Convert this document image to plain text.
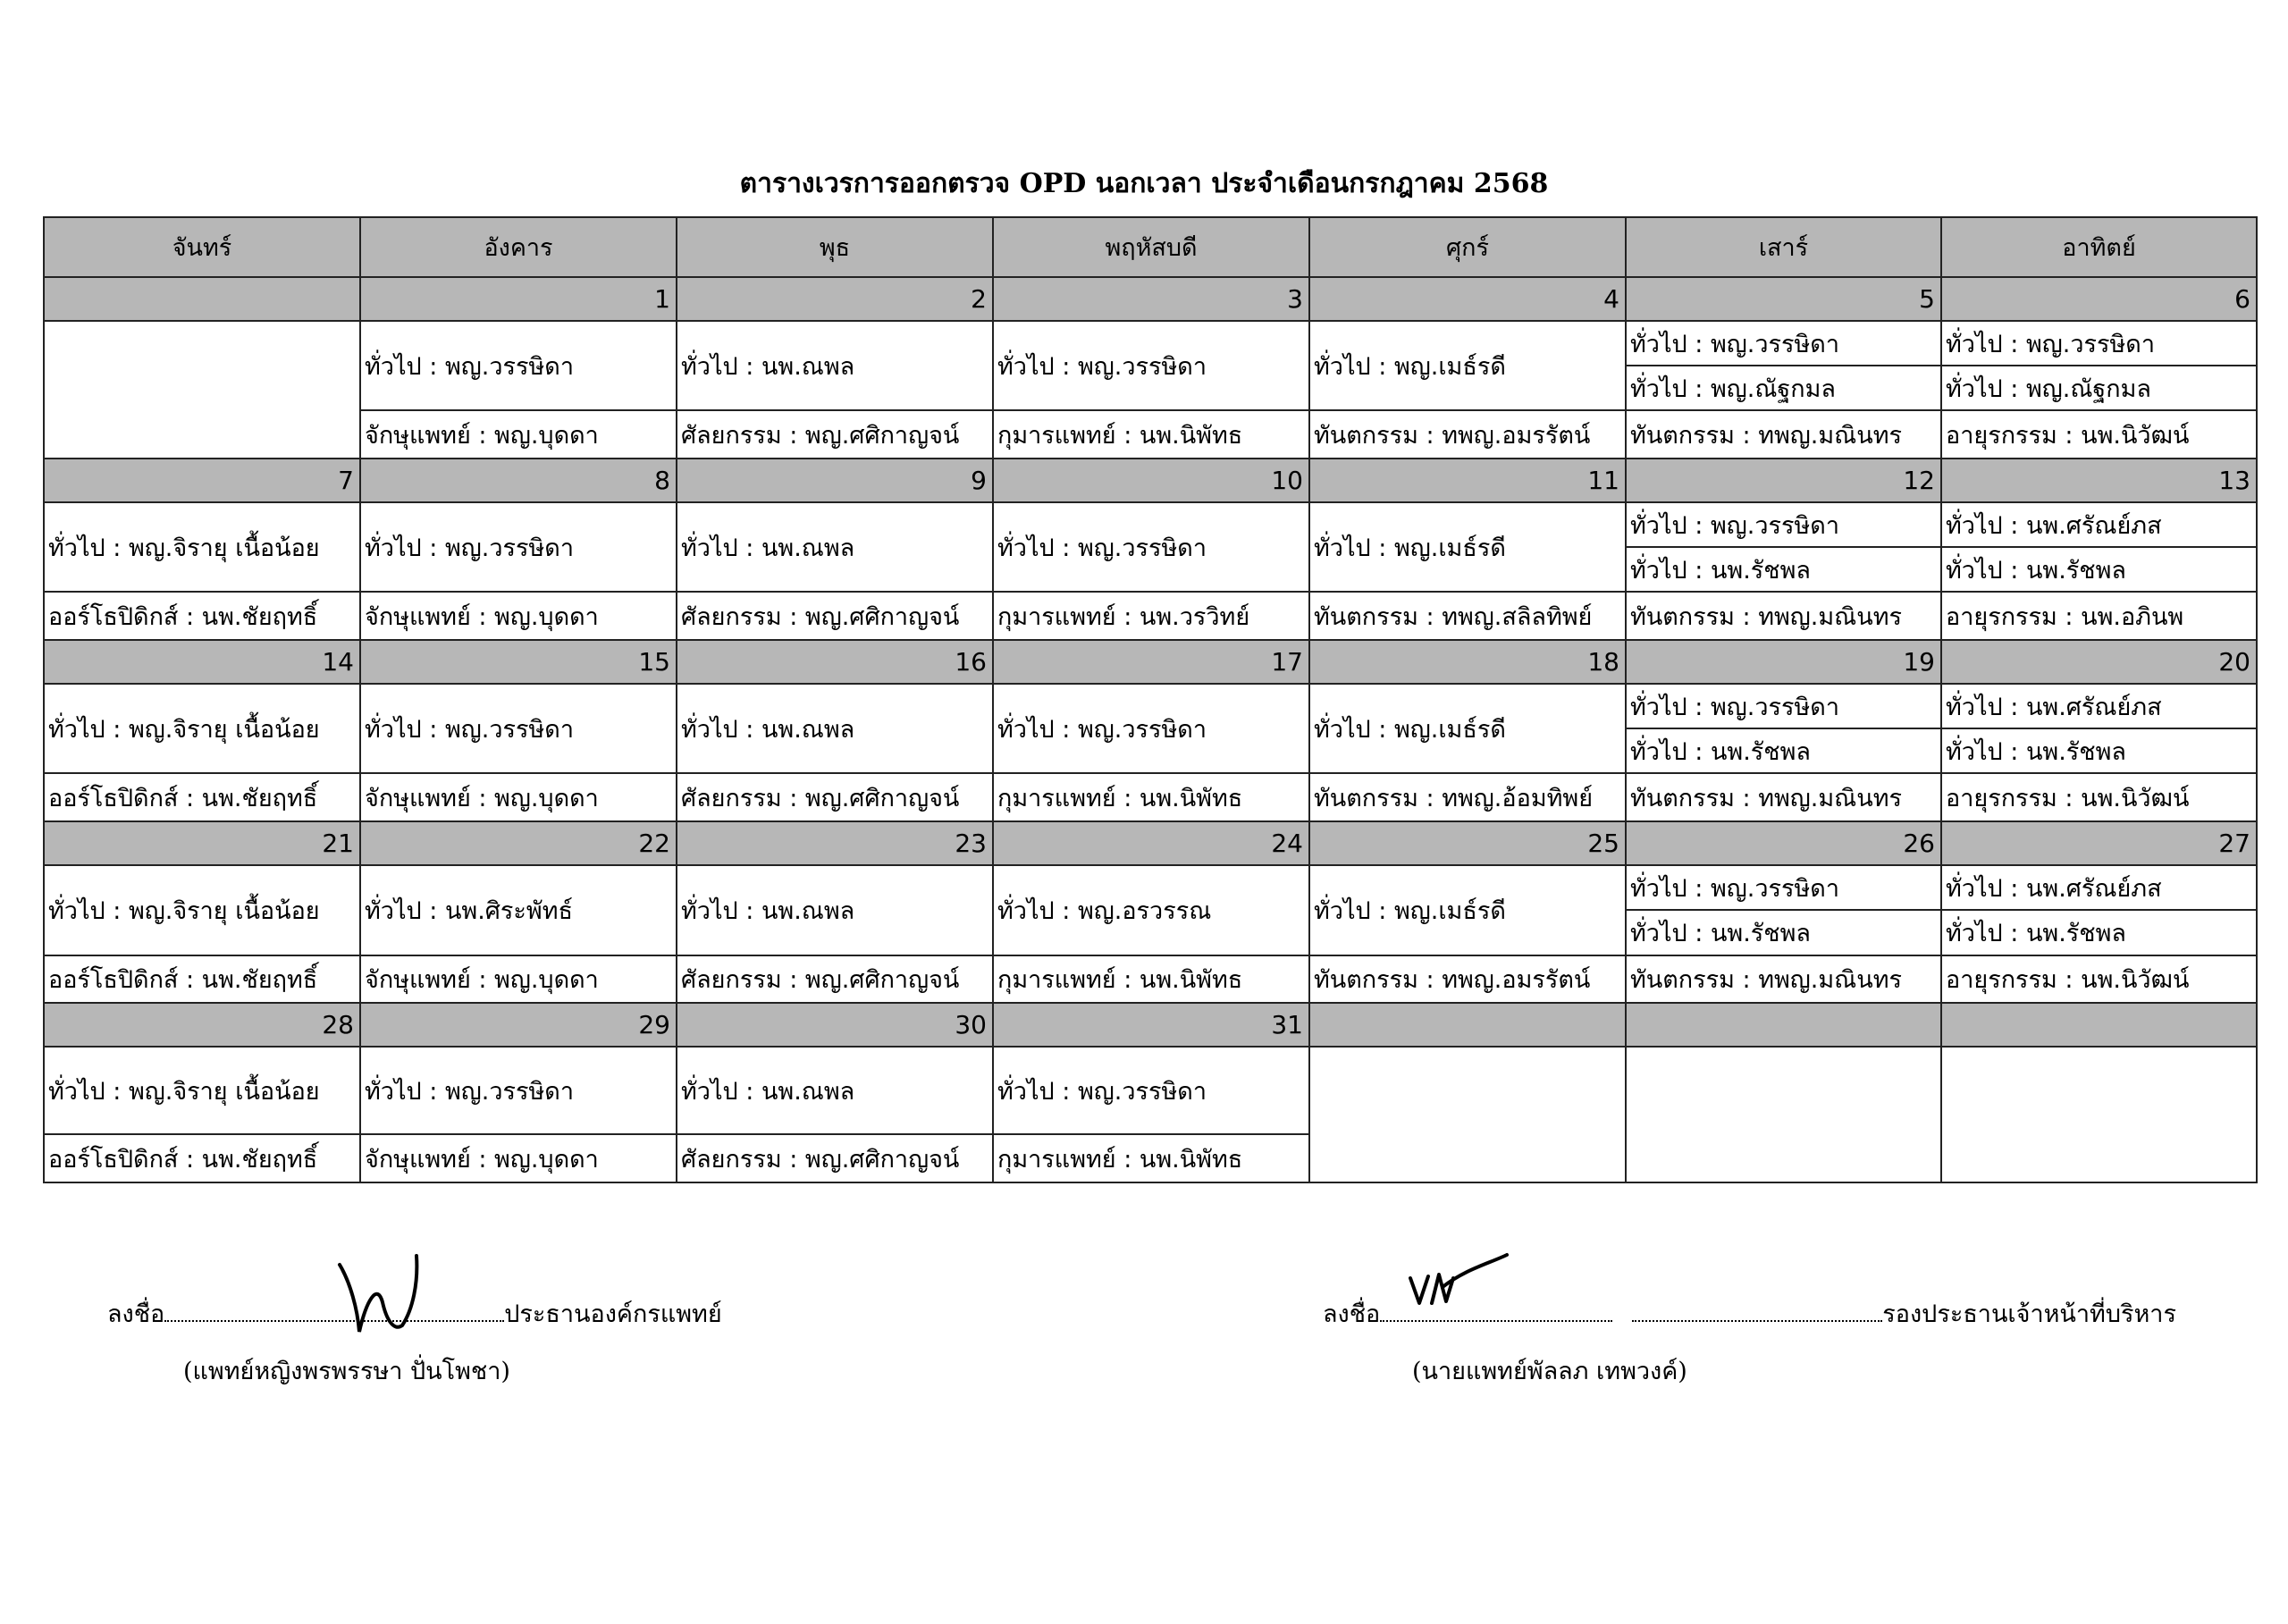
ตารางเวรการออกตรวจ OPD นอกเวลา ประจำเดือนกรกฎาคม 2568
จันทร์	อังคาร	พุธ	พฤหัสบดี	ศุกร์	เสาร์	อาทิตย์
	1	2	3	4	5	6
	ทั่วไป : พญ.วรรษิดา	ทั่วไป : นพ.ณพล	ทั่วไป : พญ.วรรษิดา	ทั่วไป : พญ.เมธ์รดี	ทั่วไป : พญ.วรรษิดา	ทั่วไป : พญ.วรรษิดา
					ทั่วไป : พญ.ณัฐกมล	ทั่วไป : พญ.ณัฐกมล
	จักษุแพทย์ : พญ.บุดดา	ศัลยกรรม : พญ.ศศิกาญจน์	กุมารแพทย์ : นพ.นิพัทธ	ทันตกรรม : ทพญ.อมรรัตน์	ทันตกรรม : ทพญ.มณินทร	อายุรกรรม : นพ.นิวัฒน์
7	8	9	10	11	12	13
ทั่วไป : พญ.จิรายุ เนื้อน้อย	ทั่วไป : พญ.วรรษิดา	ทั่วไป : นพ.ณพล	ทั่วไป : พญ.วรรษิดา	ทั่วไป : พญ.เมธ์รดี	ทั่วไป : พญ.วรรษิดา	ทั่วไป : นพ.ศรัณย์ภส
					ทั่วไป : นพ.รัชพล	ทั่วไป : นพ.รัชพล
ออร์โธปิดิกส์ : นพ.ชัยฤทธิ์	จักษุแพทย์ : พญ.บุดดา	ศัลยกรรม : พญ.ศศิกาญจน์	กุมารแพทย์ : นพ.วรวิทย์	ทันตกรรม : ทพญ.สลิลทิพย์	ทันตกรรม : ทพญ.มณินทร	อายุรกรรม : นพ.อภินพ
14	15	16	17	18	19	20
ทั่วไป : พญ.จิรายุ เนื้อน้อย	ทั่วไป : พญ.วรรษิดา	ทั่วไป : นพ.ณพล	ทั่วไป : พญ.วรรษิดา	ทั่วไป : พญ.เมธ์รดี	ทั่วไป : พญ.วรรษิดา	ทั่วไป : นพ.ศรัณย์ภส
					ทั่วไป : นพ.รัชพล	ทั่วไป : นพ.รัชพล
ออร์โธปิดิกส์ : นพ.ชัยฤทธิ์	จักษุแพทย์ : พญ.บุดดา	ศัลยกรรม : พญ.ศศิกาญจน์	กุมารแพทย์ : นพ.นิพัทธ	ทันตกรรม : ทพญ.อ้อมทิพย์	ทันตกรรม : ทพญ.มณินทร	อายุรกรรม : นพ.นิวัฒน์
21	22	23	24	25	26	27
ทั่วไป : พญ.จิรายุ เนื้อน้อย	ทั่วไป : นพ.ศิระพัทธ์	ทั่วไป : นพ.ณพล	ทั่วไป : พญ.อรวรรณ	ทั่วไป : พญ.เมธ์รดี	ทั่วไป : พญ.วรรษิดา	ทั่วไป : นพ.ศรัณย์ภส
					ทั่วไป : นพ.รัชพล	ทั่วไป : นพ.รัชพล
ออร์โธปิดิกส์ : นพ.ชัยฤทธิ์	จักษุแพทย์ : พญ.บุดดา	ศัลยกรรม : พญ.ศศิกาญจน์	กุมารแพทย์ : นพ.นิพัทธ	ทันตกรรม : ทพญ.อมรรัตน์	ทันตกรรม : ทพญ.มณินทร	อายุรกรรม : นพ.นิวัฒน์
28	29	30	31			
ทั่วไป : พญ.จิรายุ เนื้อน้อย	ทั่วไป : พญ.วรรษิดา	ทั่วไป : นพ.ณพล	ทั่วไป : พญ.วรรษิดา			
ออร์โธปิดิกส์ : นพ.ชัยฤทธิ์	จักษุแพทย์ : พญ.บุดดา	ศัลยกรรม : พญ.ศศิกาญจน์	กุมารแพทย์ : นพ.นิพัทธ			
ลงชื่อ	ประธานองค์กรแพทย์
(แพทย์หญิงพรพรรษา ปั่นโพชา)
ลงชื่อ	รองประธานเจ้าหน้าที่บริหาร
(นายแพทย์พัลลภ เทพวงค์)
